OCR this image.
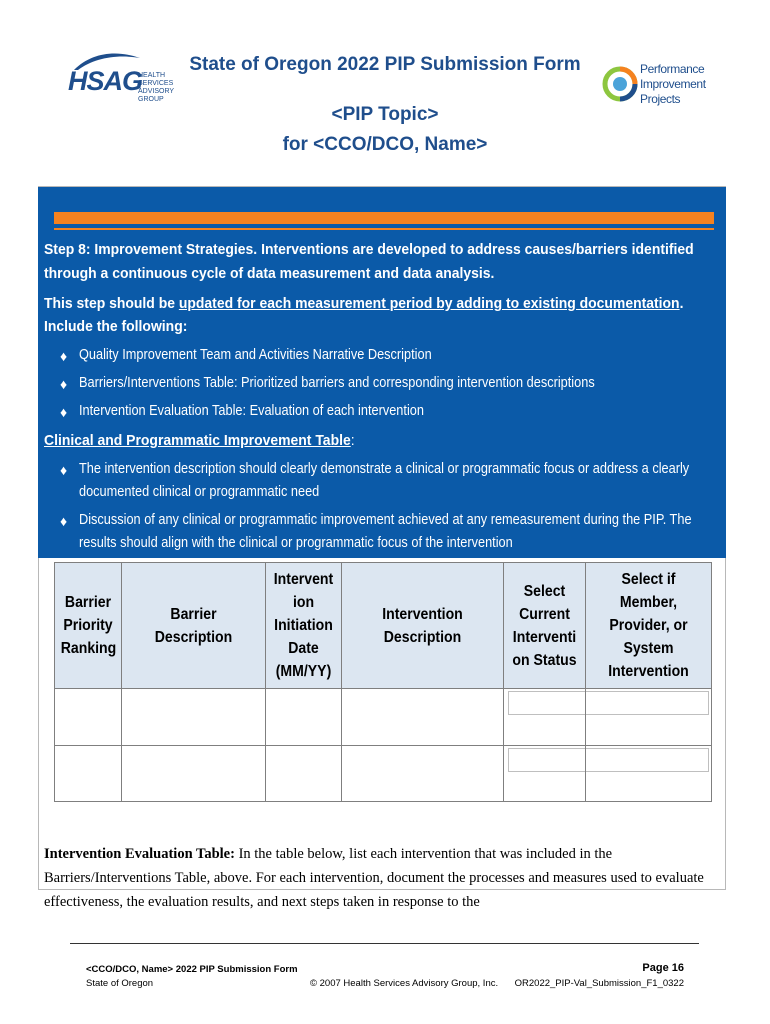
HSAG
HEALTH SERVICES ADVISORY GROUP
State of Oregon 2022 PIP Submission Form
<PIP Topic>
for <CCO/DCO, Name>
Performance
Improvement
Projects
Step 8: Improvement Strategies. Interventions are developed to address causes/barriers identified
through a continuous cycle of data measurement and data analysis.
This step should be updated for each measurement period by adding to existing documentation.
Include the following:
♦ Quality Improvement Team and Activities Narrative Description
♦ Barriers/Interventions Table: Prioritized barriers and corresponding intervention descriptions
♦ Intervention Evaluation Table: Evaluation of each intervention
Clinical and Programmatic Improvement Table:
♦ The intervention description should clearly demonstrate a clinical or programmatic focus or address a clearly
documented clinical or programmatic need
♦ Discussion of any clinical or programmatic improvement achieved at any remeasurement during the PIP. The
results should align with the clinical or programmatic focus of the intervention
Barrier
Priority
Ranking	Barrier Description	Intervent
ion
Initiation
Date
(MM/YY)	Intervention
Description	Select
Current
Interventi
on Status	Select if
Member,
Provider, or
System
Intervention

Intervention Evaluation Table: In the table below, list each intervention that was included in the Barriers/Interventions Table, above. For each intervention, document the processes and measures used to evaluate effectiveness, the evaluation results, and next steps taken in response to the
<CCO/DCO, Name> 2022 PIP Submission Form
State of Oregon	© 2007 Health Services Advisory Group, Inc.
Page 16
OR2022_PIP-Val_Submission_F1_0322
